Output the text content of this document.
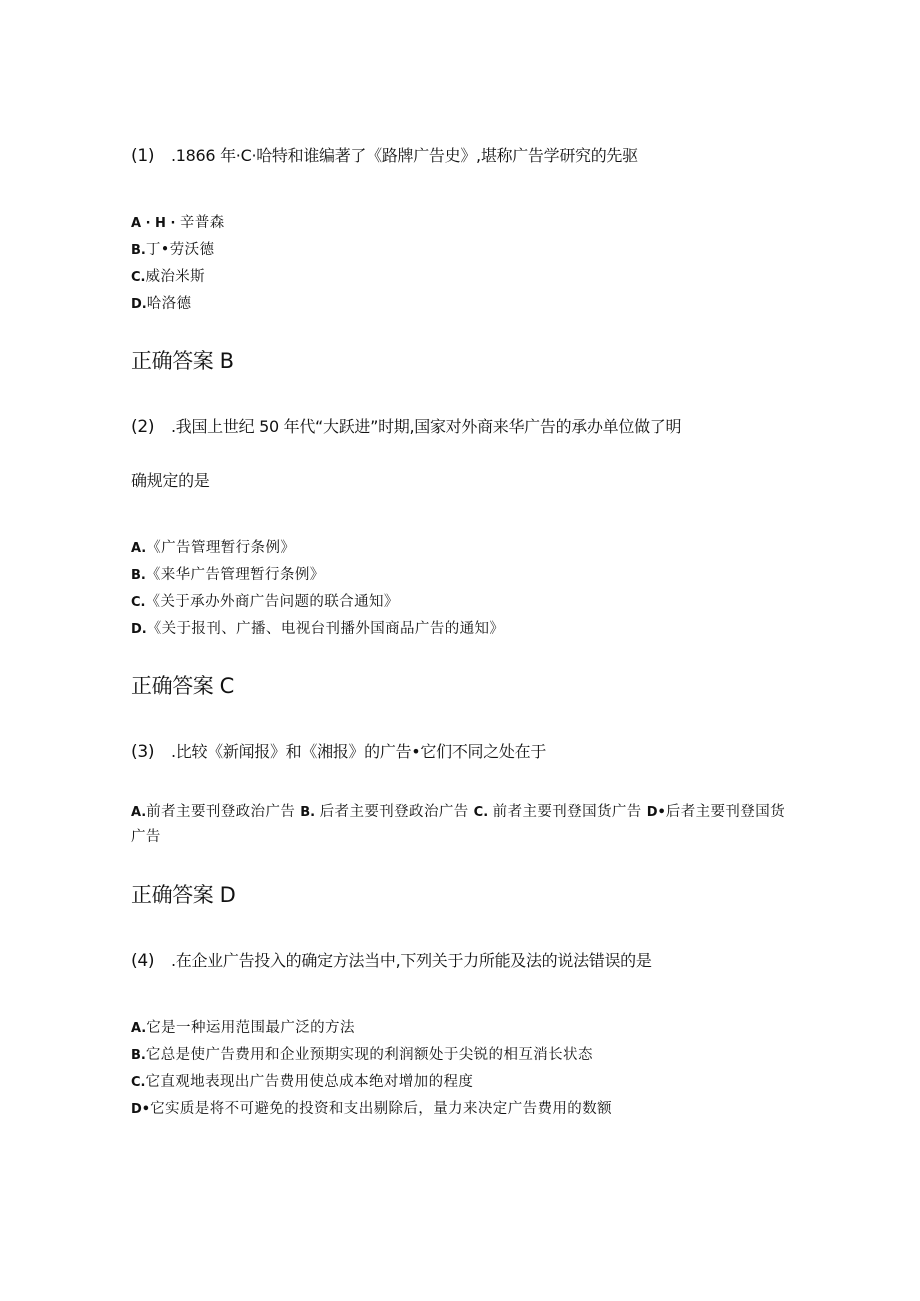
(1) .1866 年·C·哈特和谁编著了《路牌广告史》,堪称广告学研究的先驱
A · H · 辛普森
B.丁•劳沃德
C.威治米斯
D.哈洛德
正确答案 B
(2) .我国上世纪 50 年代“大跃进”时期,国家对外商来华广告的承办单位做了明
确规定的是
A.《广告管理暂行条例》
B.《来华广告管理暂行条例》
C.《关于承办外商广告问题的联合通知》
D.《关于报刊、广播、电视台刊播外国商品广告的通知》
正确答案 C
(3) .比较《新闻报》和《湘报》的广告•它们不同之处在于
A.前者主要刊登政治广告 B. 后者主要刊登政治广告 C. 前者主要刊登国货广告 D•后者主要刊登国货广告
正确答案 D
(4) .在企业广告投入的确定方法当中,下列关于力所能及法的说法错误的是
A.它是一种运用范围最广泛的方法
B.它总是使广告费用和企业预期实现的利润额处于尖锐的相互消长状态
C.它直观地表现出广告费用使总成本绝对增加的程度
D•它实质是将不可避免的投资和支出剔除后，量力来决定广告费用的数额
